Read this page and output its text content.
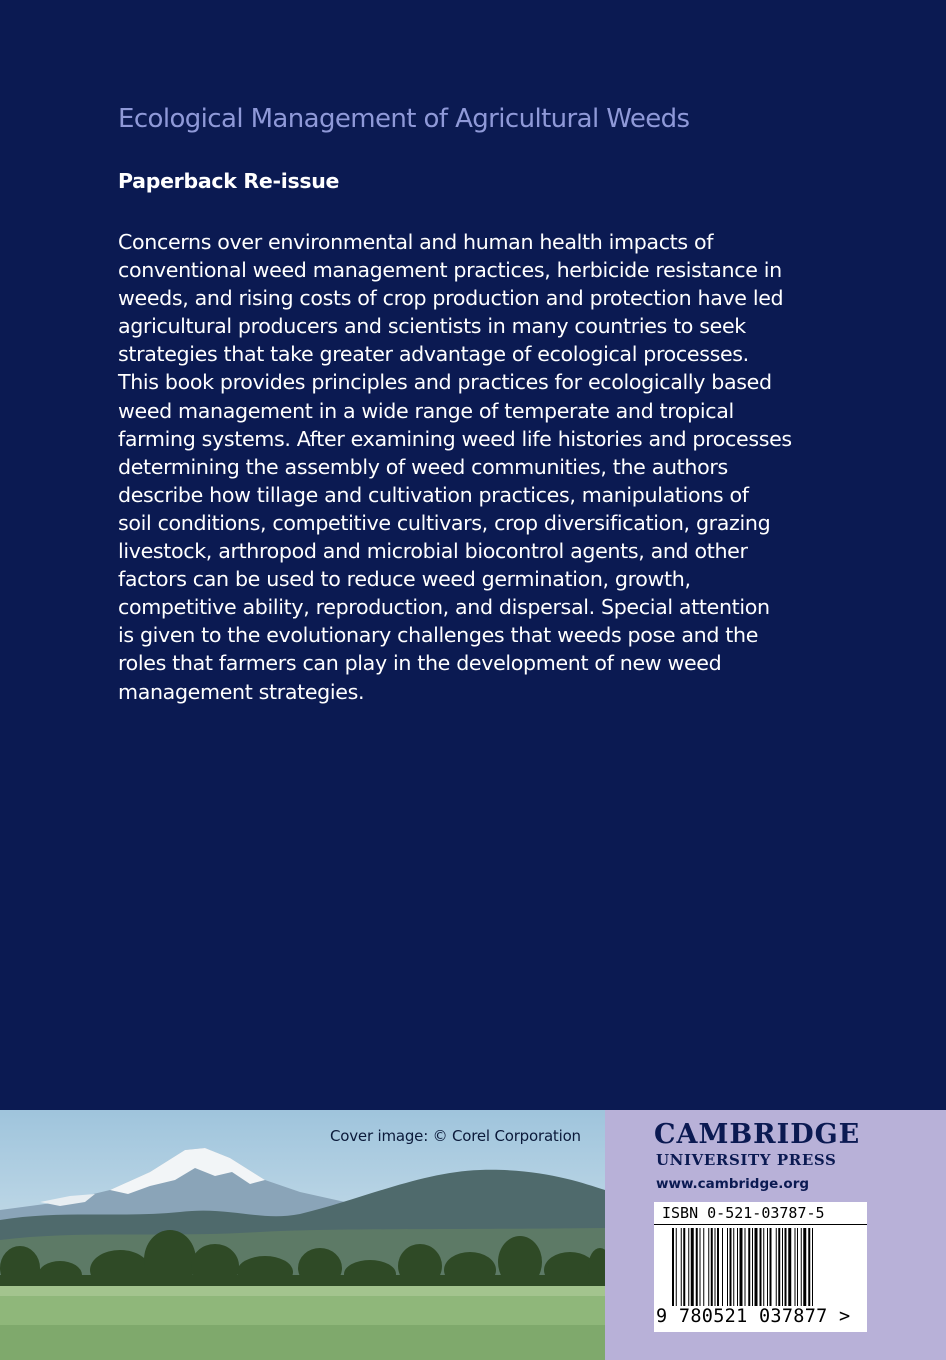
Ecological Management of Agricultural Weeds
Paperback Re-issue
Concerns over environmental and human health impacts of
conventional weed management practices, herbicide resistance in
weeds, and rising costs of crop production and protection have led
agricultural producers and scientists in many countries to seek
strategies that take greater advantage of ecological processes.
This book provides principles and practices for ecologically based
weed management in a wide range of temperate and tropical
farming systems. After examining weed life histories and processes
determining the assembly of weed communities, the authors
describe how tillage and cultivation practices, manipulations of
soil conditions, competitive cultivars, crop diversification, grazing
livestock, arthropod and microbial biocontrol agents, and other
factors can be used to reduce weed germination, growth,
competitive ability, reproduction, and dispersal. Special attention
is given to the evolutionary challenges that weeds pose and the
roles that farmers can play in the development of new weed
management strategies.
Cover image: © Corel Corporation	CAMBRIDGE
UNIVERSITY PRESS
www.cambridge.org
ISBN 0-521-03787-5
9 780521 037877 >
